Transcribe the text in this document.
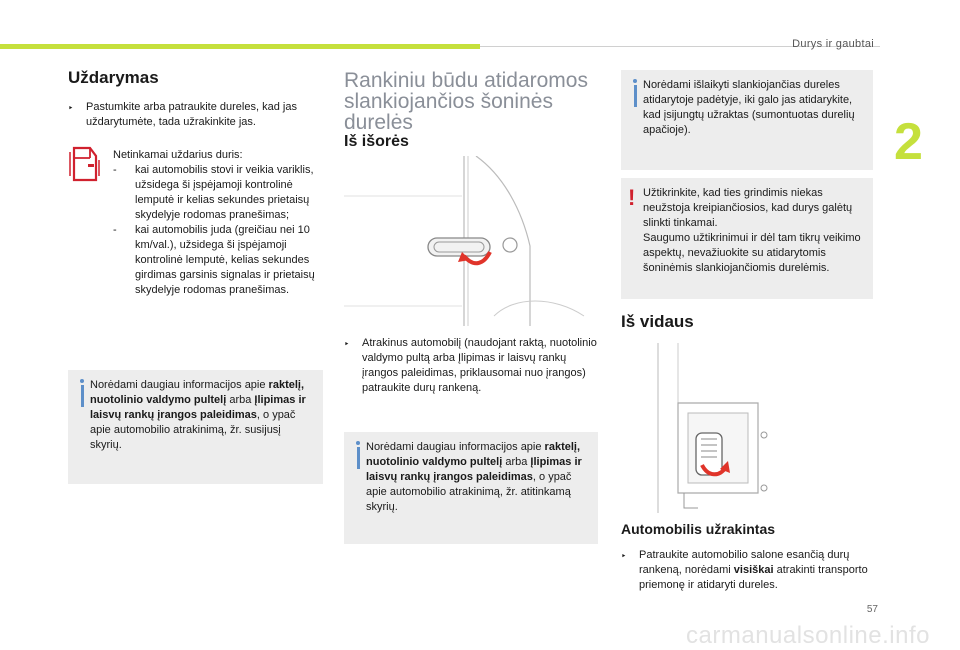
Durys ir gaubtai
2
Uždarymas
‣	Pastumkite arba patraukite dureles, kad jas uždarytumėte, tada užrakinkite jas.
Netinkamai uždarius duris:
-	kai automobilis stovi ir veikia variklis, užsidega ši įspėjamoji kontrolinė lemputė ir kelias sekundes prietaisų skydelyje rodomas pranešimas;
-	kai automobilis juda (greičiau nei 10 km/val.), užsidega ši įspėjamoji kontrolinė lemputė, kelias sekundes girdimas garsinis signalas ir prietaisų skydelyje rodomas pranešimas.
Norėdami daugiau informacijos apie raktelį, nuotolinio valdymo pultelį arba Įlipimas ir laisvų rankų įrangos paleidimas, o ypač apie automobilio atrakinimą, žr. susijusį skyrių.
Rankiniu būdu atidaromos slankiojančios šoninės durelės
Iš išorės
‣	Atrakinus automobilį (naudojant raktą, nuotolinio valdymo pultą arba Įlipimas ir laisvų rankų įrangos paleidimas, priklausomai nuo įrangos) patraukite durų rankeną.
Norėdami daugiau informacijos apie raktelį, nuotolinio valdymo pultelį arba Įlipimas ir laisvų rankų įrangos paleidimas, o ypač apie automobilio atrakinimą, žr. atitinkamą skyrių.
Norėdami išlaikyti slankiojančias dureles atidarytoje padėtyje, iki galo jas atidarykite, kad įsijungtų užraktas (sumontuotas durelių apačioje).
! Užtikrinkite, kad ties grindimis niekas neužstoja kreipiančiosios, kad durys galėtų slinkti tinkamai.
Saugumo užtikrinimui ir dėl tam tikrų veikimo aspektų, nevažiuokite su atidarytomis šoninėmis slankiojančiomis durelėmis.
Iš vidaus
Automobilis užrakintas
‣	Patraukite automobilio salone esančią durų rankeną, norėdami visiškai atrakinti transporto priemonę ir atidaryti dureles.
57
carmanualsonline.info
